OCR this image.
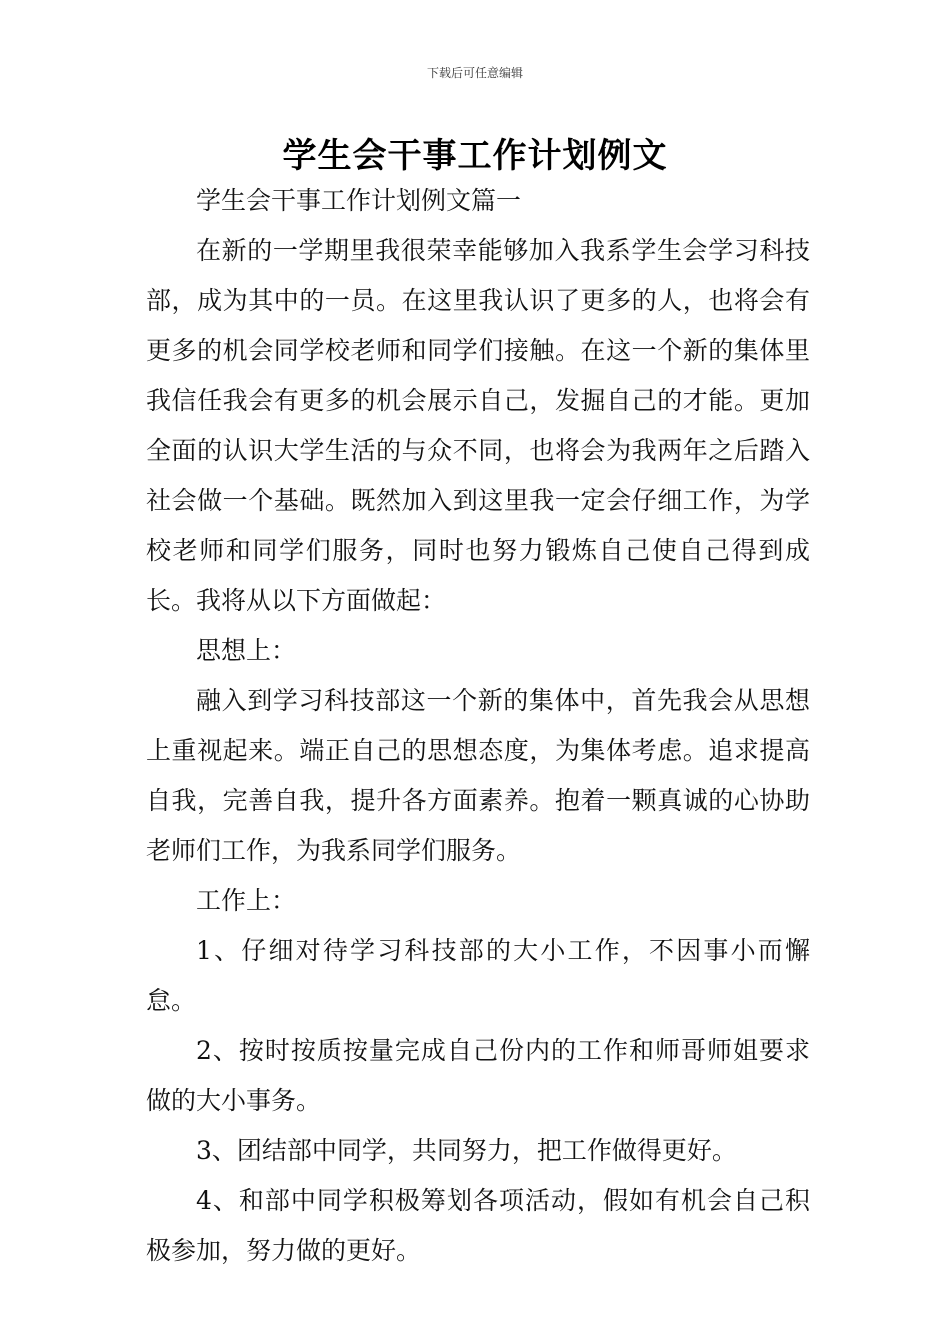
下载后可任意编辑
学生会干事工作计划例文

学生会干事工作计划例文篇一

在新的一学期里我很荣幸能够加入我系学生会学习科技部，成为其中的一员。在这里我认识了更多的人，也将会有更多的机会同学校老师和同学们接触。在这一个新的集体里我信任我会有更多的机会展示自己，发掘自己的才能。更加全面的认识大学生活的与众不同，也将会为我两年之后踏入社会做一个基础。既然加入到这里我一定会仔细工作，为学校老师和同学们服务，同时也努力锻炼自己使自己得到成长。我将从以下方面做起：

思想上：

融入到学习科技部这一个新的集体中，首先我会从思想上重视起来。端正自己的思想态度，为集体考虑。追求提高自我，完善自我，提升各方面素养。抱着一颗真诚的心协助老师们工作，为我系同学们服务。

工作上：

1、仔细对待学习科技部的大小工作，不因事小而懈怠。

2、按时按质按量完成自己份内的工作和师哥师姐要求做的大小事务。

3、团结部中同学，共同努力，把工作做得更好。

4、和部中同学积极筹划各项活动，假如有机会自己积极参加，努力做的更好。
